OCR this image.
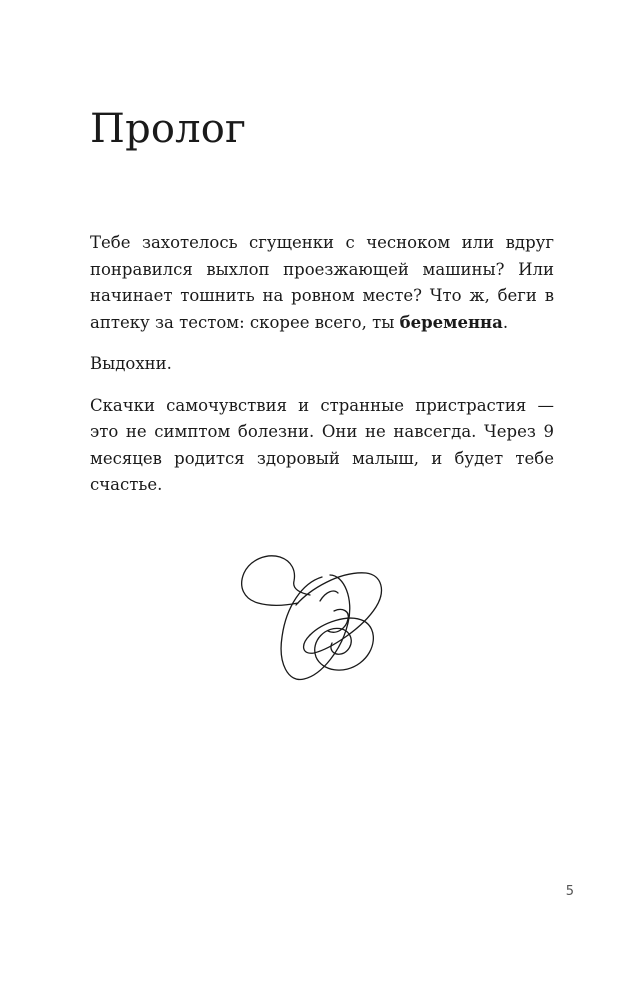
Пролог

Тебе захотелось сгущенки с чесноком или вдруг понравился выхлоп проезжающей машины? Или начинает тошнить на ровном месте? Что ж, беги в аптеку за тестом: скорее всего, ты беременна.

Выдохни.

Скачки самочувствия и странные пристрастия — это не симптом болезни. Они не навсегда. Через 9 месяцев родится здоровый малыш, и будет тебе счастье.

5
